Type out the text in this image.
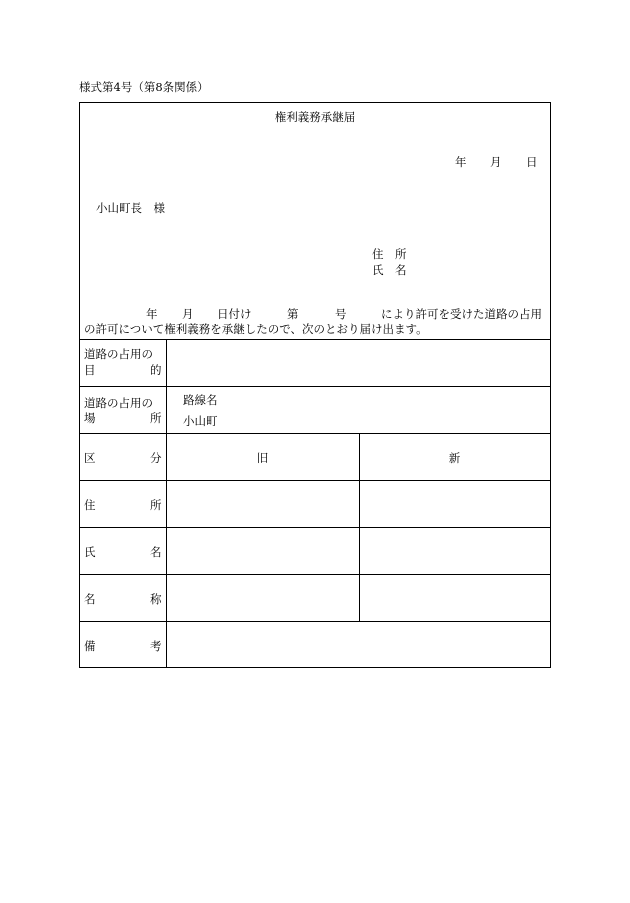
様式第4号（第8条関係）
権利義務承継届
年 月 日
小山町長　様
住　所
氏　名
年 月 日付け	第	号	により許可を受けた道路の占用
の許可について権利義務を承継したので、次のとおり届け出ます。
道路の占用の
目	的
道路の占用の
場	所
路線名
小山町
区	分	旧	新
住	所
氏	名
名	称
備	考
